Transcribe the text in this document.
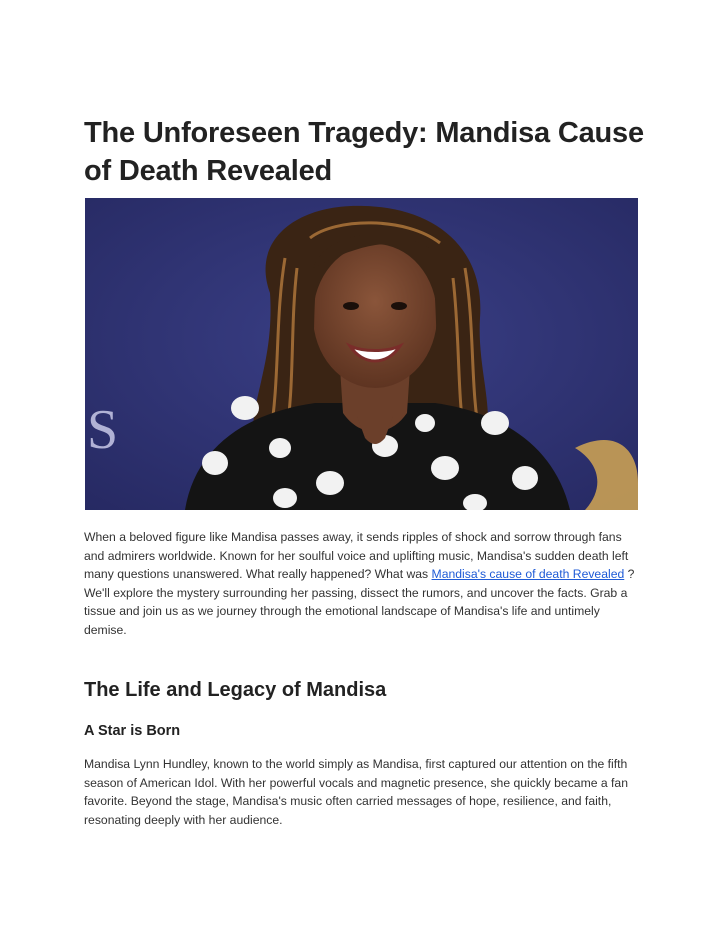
The Unforeseen Tragedy: Mandisa Cause of Death Revealed
S

When a beloved figure like Mandisa passes away, it sends ripples of shock and sorrow through fans and admirers worldwide. Known for her soulful voice and uplifting music, Mandisa's sudden death left many questions unanswered. What really happened? What was Mandisa's cause of death Revealed ? We'll explore the mystery surrounding her passing, dissect the rumors, and uncover the facts. Grab a tissue and join us as we journey through the emotional landscape of Mandisa's life and untimely demise.

The Life and Legacy of Mandisa
A Star is Born

Mandisa Lynn Hundley, known to the world simply as Mandisa, first captured our attention on the fifth season of American Idol. With her powerful vocals and magnetic presence, she quickly became a fan favorite. Beyond the stage, Mandisa's music often carried messages of hope, resilience, and faith, resonating deeply with her audience.
